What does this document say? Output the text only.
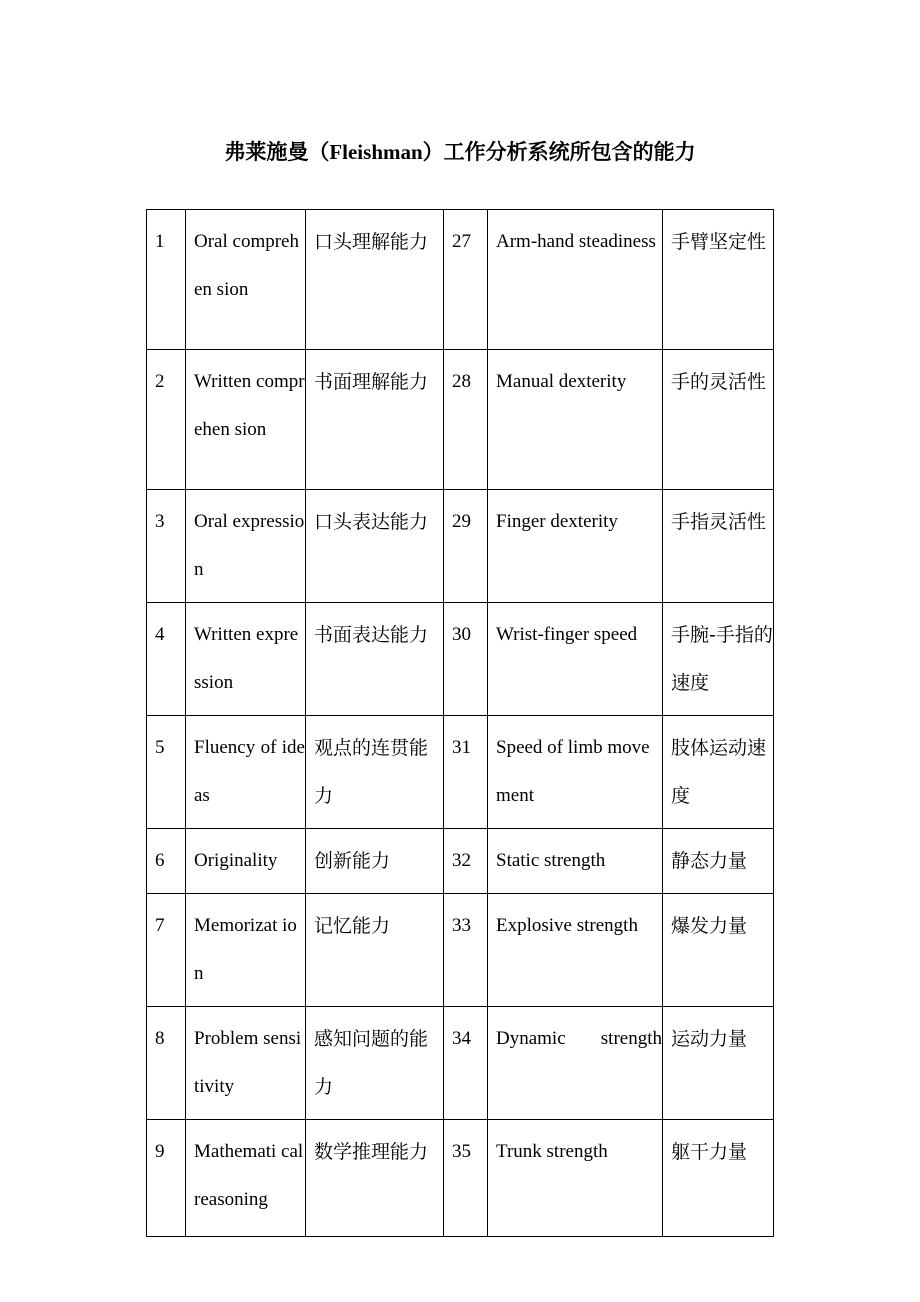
弗莱施曼（Fleishman）工作分析系统所包含的能力
1	Oral comprehen sion	口头理解能力	27	Arm-hand steadiness	手臂坚定性

2	Written comprehen sion	书面理解能力	28	Manual dexterity	手的灵活性

3	Oral expression	口头表达能力	29	Finger dexterity	手指灵活性

4	Written expression	书面表达能力	30	Wrist-finger speed	手腕-手指的速度

5	Fluency of ideas	观点的连贯能力	31	Speed of limb movement	肢体运动速度

6	Originality	创新能力	32	Static strength	静态力量

7	Memorizat ion	记忆能力	33	Explosive strength	爆发力量

8	Problem sensitivity	感知问题的能力	34	Dynamic strength	运动力量

9	Mathemati cal reasoning	数学推理能力	35	Trunk strength	躯干力量
